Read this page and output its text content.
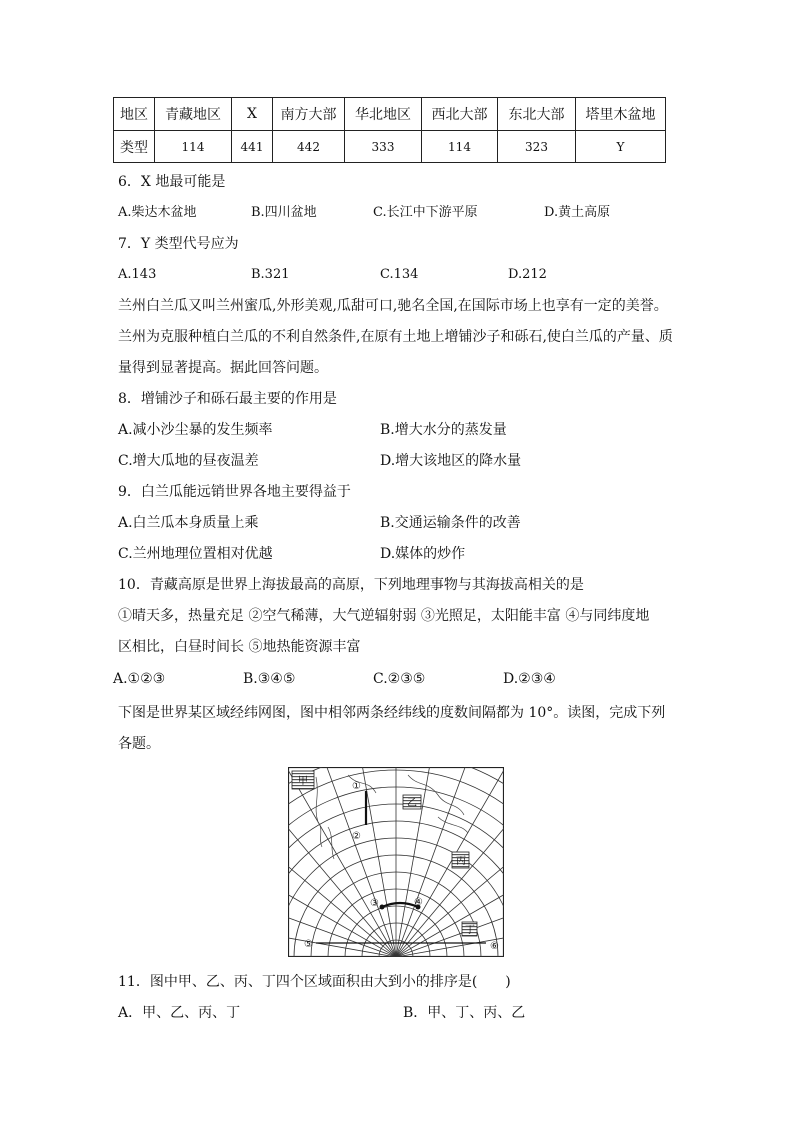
地区	青藏地区	X	南方大部	华北地区	西北大部	东北大部	塔里木盆地
类型	114	441	442	333	114	323	Y
6．X 地最可能是
A.柴达木盆地	B.四川盆地	C.长江中下游平原	D.黄土高原
7．Y 类型代号应为
A.143	B.321	C.134	D.212
兰州白兰瓜又叫兰州蜜瓜,外形美观,瓜甜可口,驰名全国,在国际市场上也享有一定的美誉。
兰州为克服种植白兰瓜的不利自然条件,在原有土地上增铺沙子和砾石,使白兰瓜的产量、质
量得到显著提高。据此回答问题。
8．增铺沙子和砾石最主要的作用是
A.减小沙尘暴的发生频率	B.增大水分的蒸发量
C.增大瓜地的昼夜温差	D.增大该地区的降水量
9．白兰瓜能远销世界各地主要得益于
A.白兰瓜本身质量上乘	B.交通运输条件的改善
C.兰州地理位置相对优越	D.媒体的炒作
10．青藏高原是世界上海拔最高的高原，下列地理事物与其海拔高相关的是
①晴天多，热量充足 ②空气稀薄，大气逆辐射弱 ③光照足，太阳能丰富 ④与同纬度地
区相比，白昼时间长 ⑤地热能资源丰富
A.①②③	B.③④⑤	C.②③⑤	D.②③④
下图是世界某区域经纬网图，图中相邻两条经纬线的度数间隔都为 10°。读图，完成下列
各题。
甲
乙
丙
丁
①
②
③	④
⑤	⑥
11．图中甲、乙、丙、丁四个区域面积由大到小的排序是(　　)
A．甲、乙、丙、丁	B．甲、丁、丙、乙
